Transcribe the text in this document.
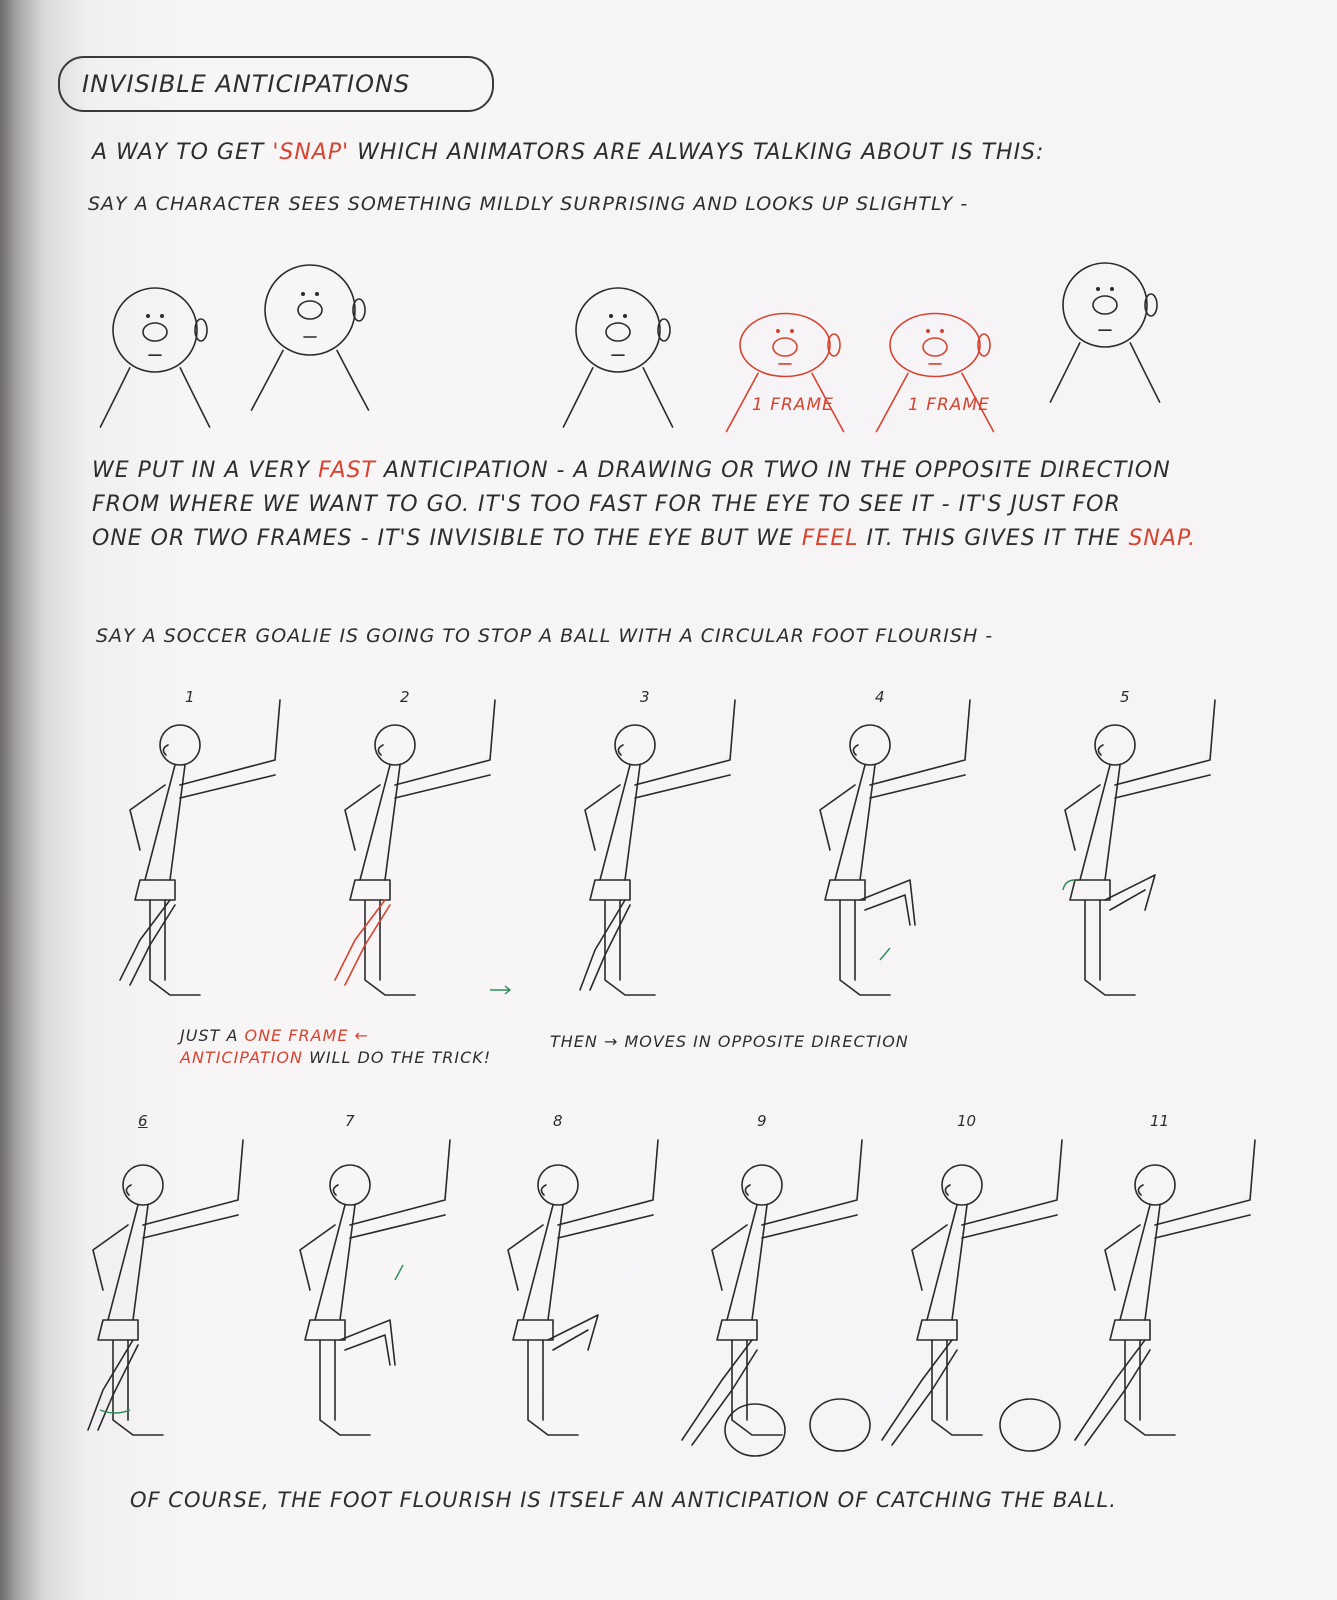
INVISIBLE ANTICIPATIONS
A WAY TO GET 'SNAP' WHICH ANIMATORS ARE ALWAYS TALKING ABOUT IS THIS:
SAY A CHARACTER SEES SOMETHING MILDLY SURPRISING AND LOOKS UP SLIGHTLY -
1 FRAME	1 FRAME
WE PUT IN A VERY FAST ANTICIPATION - A DRAWING OR TWO IN THE OPPOSITE DIRECTION
FROM WHERE WE WANT TO GO. IT'S TOO FAST FOR THE EYE TO SEE IT - IT'S JUST FOR
ONE OR TWO FRAMES - IT'S INVISIBLE TO THE EYE BUT WE FEEL IT. THIS GIVES IT THE SNAP.
SAY A SOCCER GOALIE IS GOING TO STOP A BALL WITH A CIRCULAR FOOT FLOURISH -
1	2	3	4	5
JUST A ONE FRAME ←
ANTICIPATION WILL DO THE TRICK!
THEN → MOVES IN OPPOSITE DIRECTION
6	7	8	9	10	11
OF COURSE, THE FOOT FLOURISH IS ITSELF AN ANTICIPATION OF CATCHING THE BALL.
